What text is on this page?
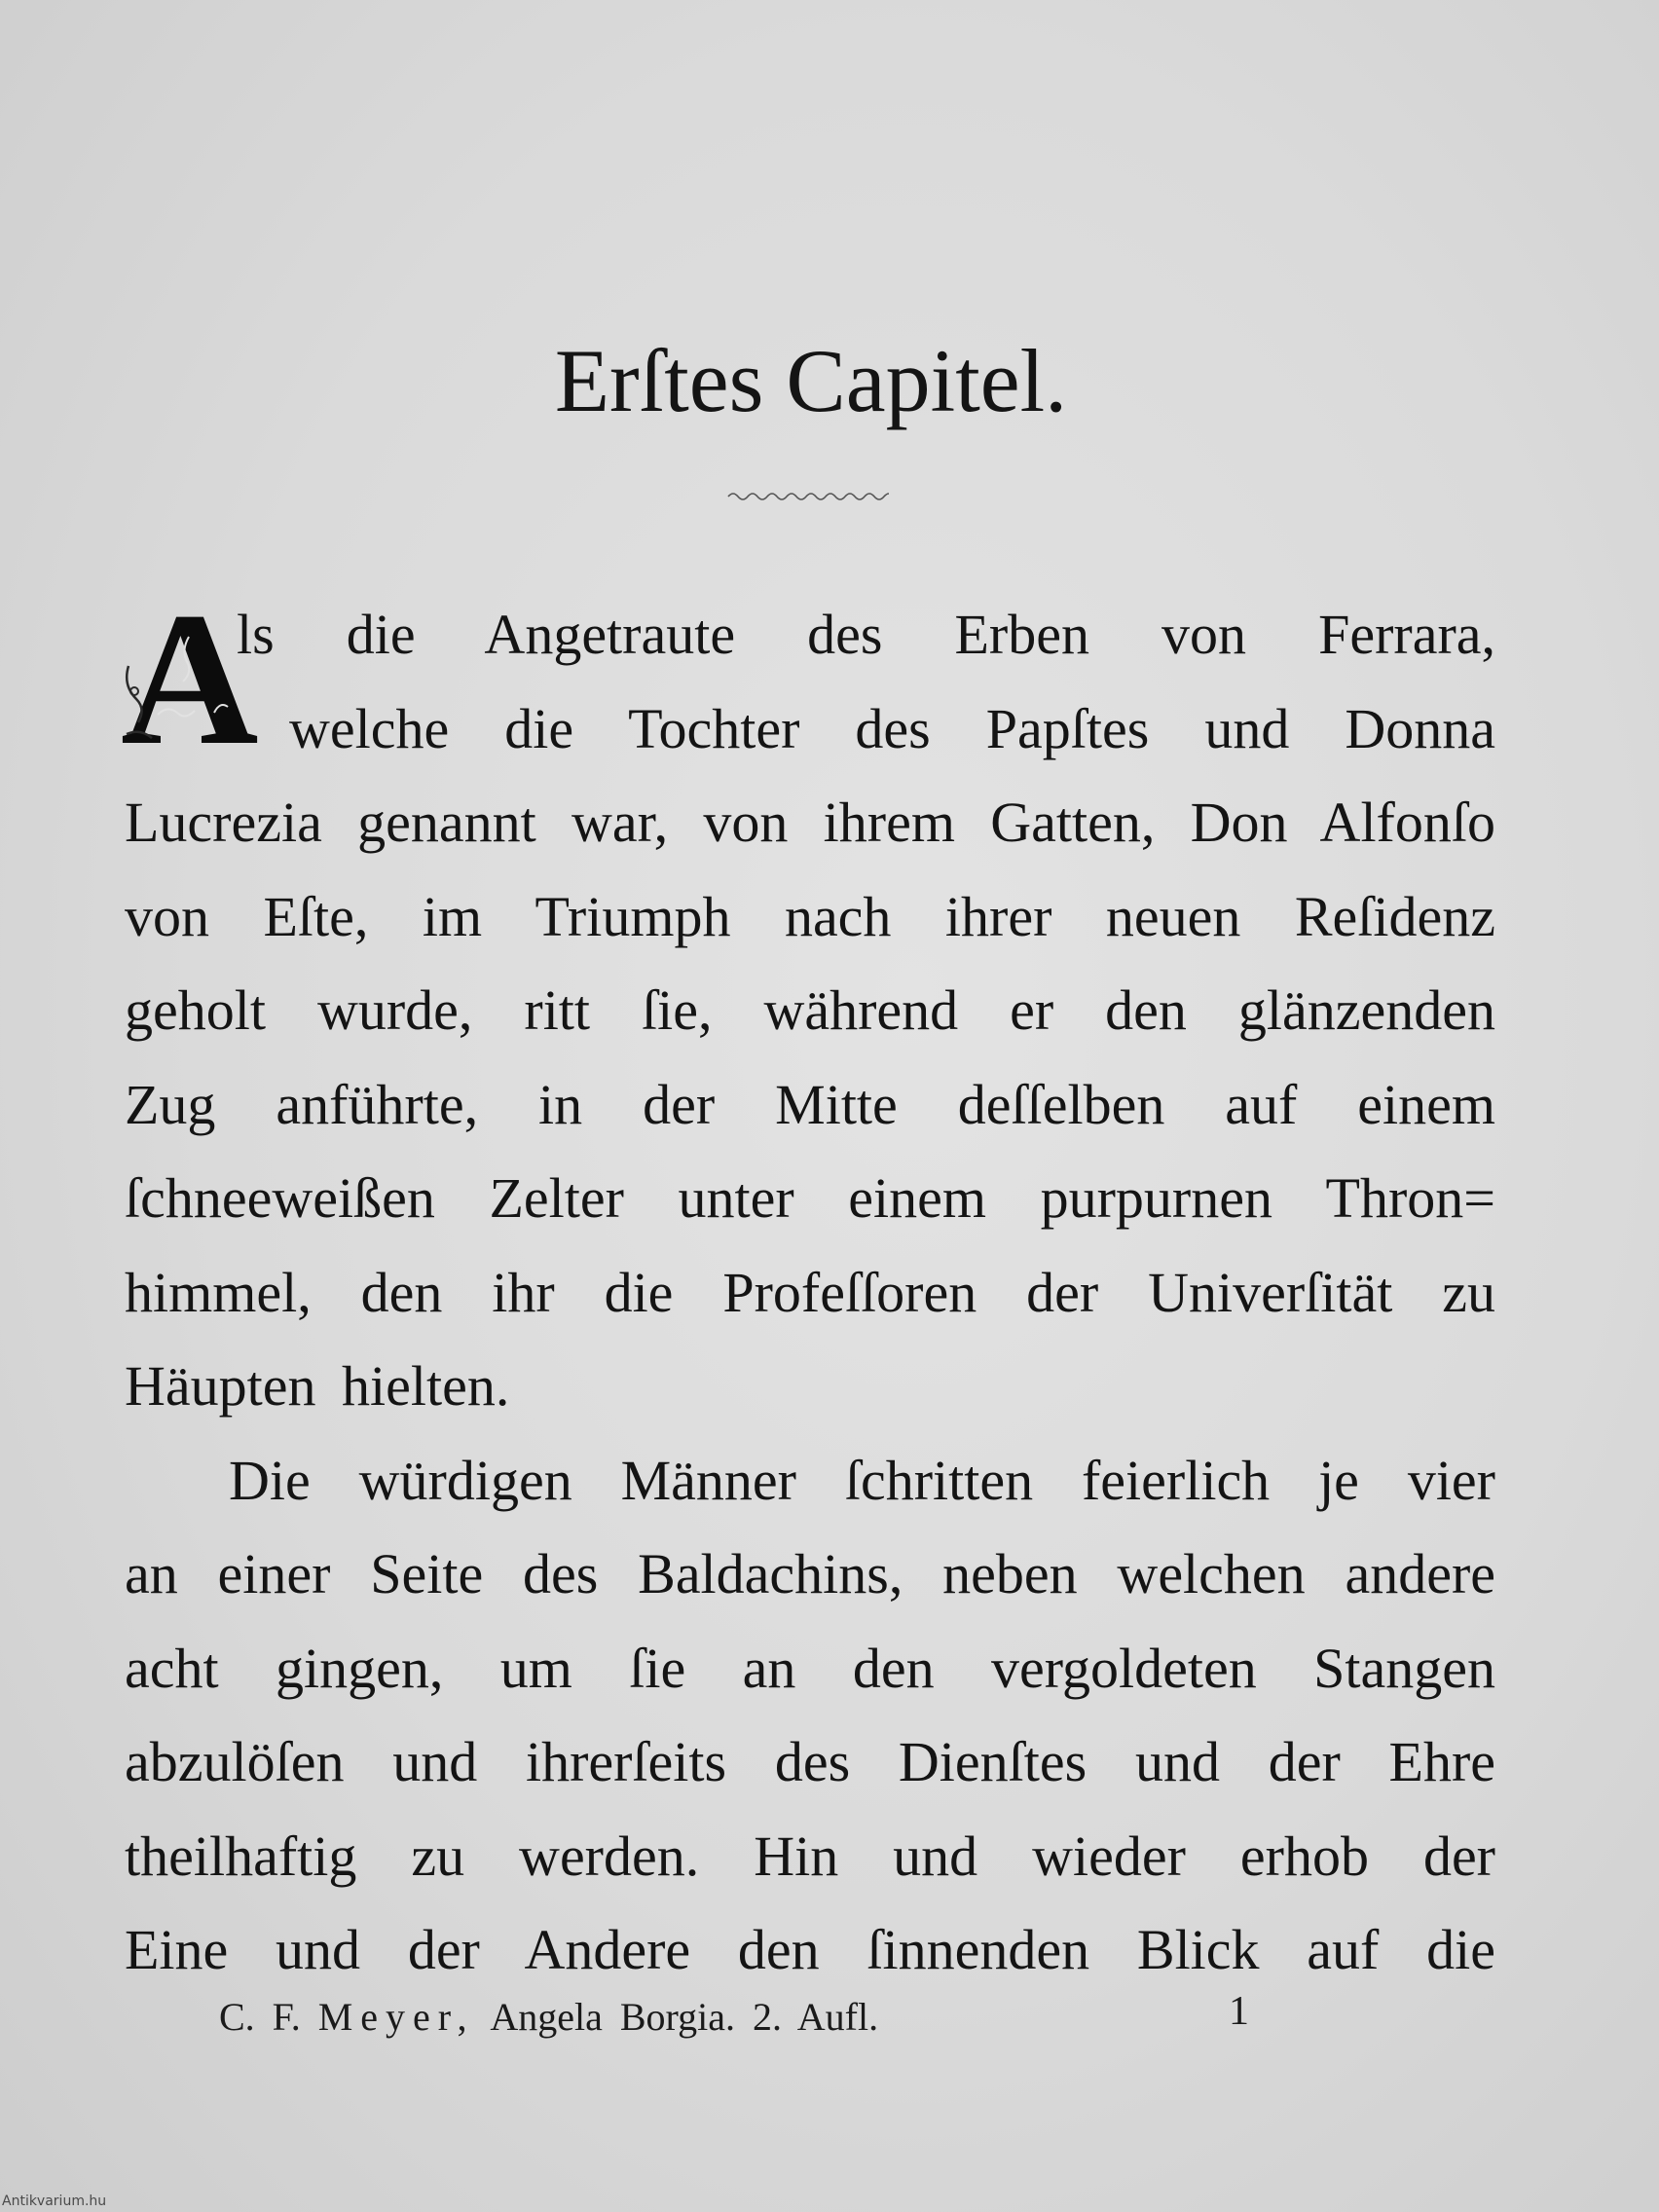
Erſtes Capitel.
A
ls die Angetraute des Erben von Ferrara,
welche die Tochter des Papſtes und Donna
Lucrezia genannt war, von ihrem Gatten, Don Alfonſo
von Eſte, im Triumph nach ihrer neuen Reſidenz
geholt wurde, ritt ſie, während er den glänzenden
Zug anführte, in der Mitte deſſelben auf einem
ſchneeweißen Zelter unter einem purpurnen Thron=
himmel, den ihr die Profeſſoren der Univerſität zu
Häupten hielten.
Die würdigen Männer ſchritten feierlich je vier
an einer Seite des Baldachins, neben welchen andere
acht gingen, um ſie an den vergoldeten Stangen
abzulöſen und ihrerſeits des Dienſtes und der Ehre
theilhaftig zu werden. Hin und wieder erhob der
Eine und der Andere den ſinnenden Blick auf die
C. F. Meyer, Angela Borgia. 2. Aufl.	1
Antikvarium.hu
